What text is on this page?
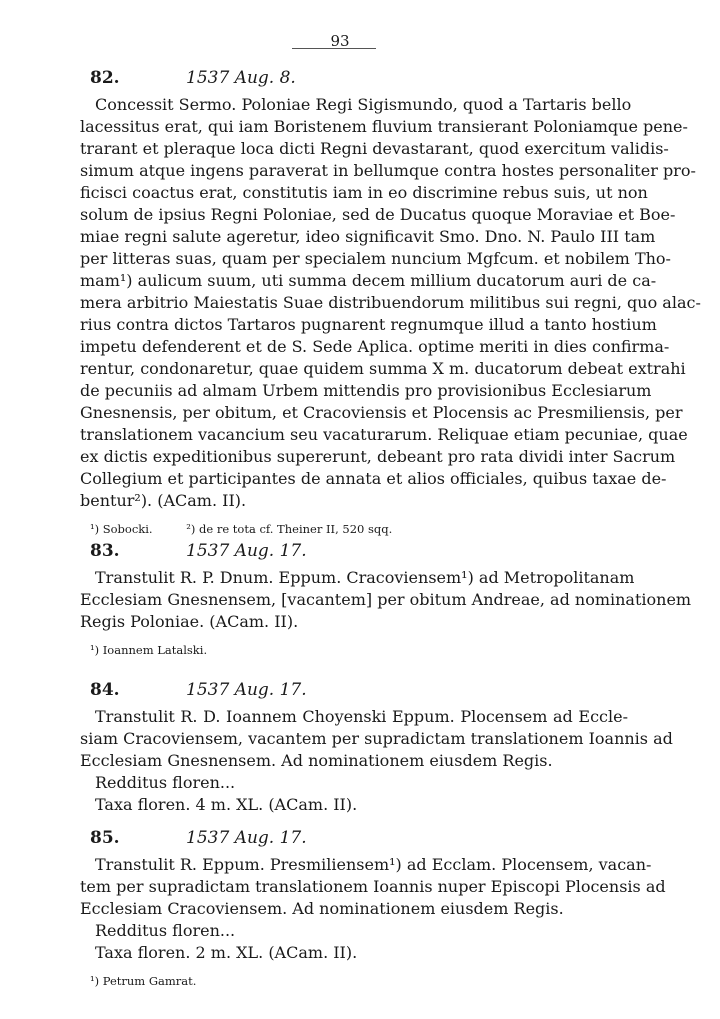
93
82.	1537 Aug. 8.
Concessit Sermo. Poloniae Regi Sigismundo, quod a Tartaris bello
lacessitus erat, qui iam Boristenem fluvium transierant Poloniamque pene-
trarant et pleraque loca dicti Regni devastarant, quod exercitum validis-
simum atque ingens paraverat in bellumque contra hostes personaliter pro-
ficisci coactus erat, constitutis iam in eo discrimine rebus suis, ut non
solum de ipsius Regni Poloniae, sed de Ducatus quoque Moraviae et Boe-
miae regni salute ageretur, ideo significavit Smo. Dno. N. Paulo III tam
per litteras suas, quam per specialem nuncium Mgfcum. et nobilem Tho-
mam¹) aulicum suum, uti summa decem millium ducatorum auri de ca-
mera arbitrio Maiestatis Suae distribuendorum militibus sui regni, quo alac-
rius contra dictos Tartaros pugnarent regnumque illud a tanto hostium
impetu defenderent et de S. Sede Aplica. optime meriti in dies confirma-
rentur, condonaretur, quae quidem summa X m. ducatorum debeat extrahi
de pecuniis ad almam Urbem mittendis pro provisionibus Ecclesiarum
Gnesnensis, per obitum, et Cracoviensis et Plocensis ac Presmiliensis, per
translationem vacancium seu vacaturarum. Reliquae etiam pecuniae, quae
ex dictis expeditionibus supererunt, debeant pro rata dividi inter Sacrum
Collegium et participantes de annata et alios officiales, quibus taxae de-
bentur²). (ACam. II).
¹) Sobocki.	²) de re tota cf. Theiner II, 520 sqq.
83.	1537 Aug. 17.
Transtulit R. P. Dnum. Eppum. Cracoviensem¹) ad Metropolitanam
Ecclesiam Gnesnensem, [vacantem] per obitum Andreae, ad nominationem
Regis Poloniae. (ACam. II).
¹) Ioannem Latalski.
84.	1537 Aug. 17.
Transtulit R. D. Ioannem Choyenski Eppum. Plocensem ad Eccle-
siam Cracoviensem, vacantem per supradictam translationem Ioannis ad
Ecclesiam Gnesnensem. Ad nominationem eiusdem Regis.
Redditus floren...
Taxa floren. 4 m. XL. (ACam. II).
85.	1537 Aug. 17.
Transtulit R. Eppum. Presmiliensem¹) ad Ecclam. Plocensem, vacan-
tem per supradictam translationem Ioannis nuper Episcopi Plocensis ad
Ecclesiam Cracoviensem. Ad nominationem eiusdem Regis.
Redditus floren...
Taxa floren. 2 m. XL. (ACam. II).
¹) Petrum Gamrat.
